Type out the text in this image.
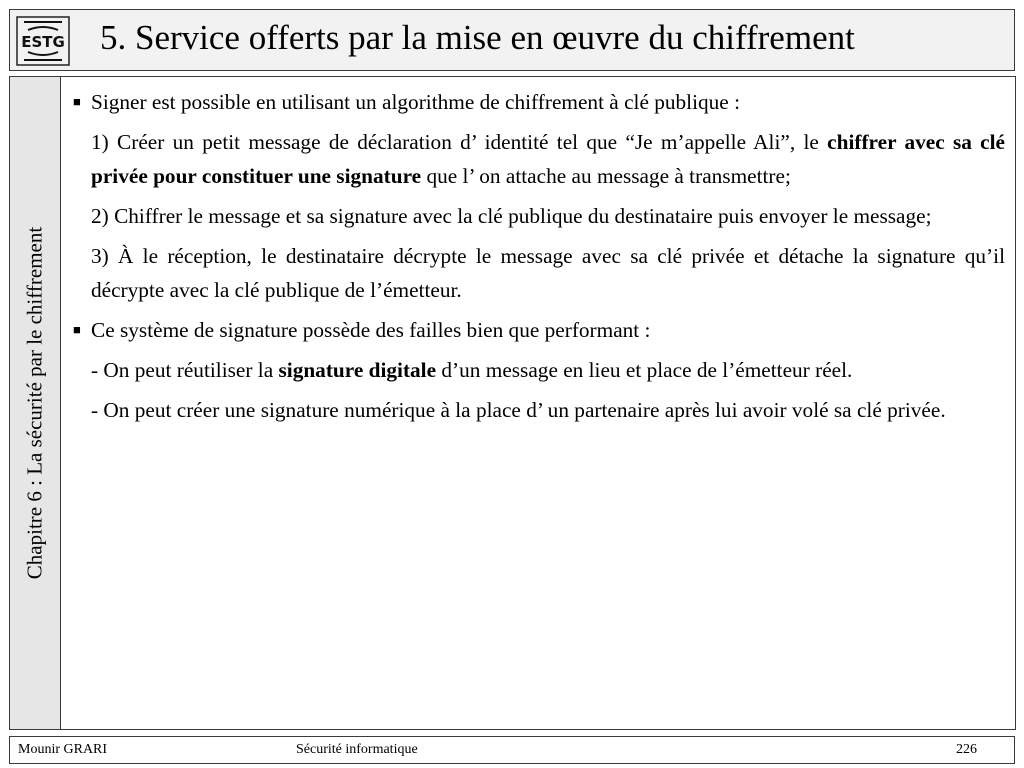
ESTG 5. Service offerts par la mise en œuvre du chiffrement
Chapitre 6 : La sécurité par le chiffrement
■ Signer est possible en utilisant un algorithme de chiffrement à clé publique :
1) Créer un petit message de déclaration d’ identité tel que “Je m’appelle Ali”, le chiffrer avec sa clé privée pour constituer une signature que l’ on attache au message à transmettre;
2) Chiffrer le message et sa signature avec la clé publique du destinataire puis envoyer le message;
3) À le réception, le destinataire décrypte le message avec sa clé privée et détache la signature qu’il décrypte avec la clé publique de l’émetteur.
■ Ce système de signature possède des failles bien que performant :
- On peut réutiliser la signature digitale d’un message en lieu et place de l’émetteur réel.
- On peut créer une signature numérique à la place d’ un partenaire après lui avoir volé sa clé privée.
Mounir GRARI	Sécurité informatique	226
